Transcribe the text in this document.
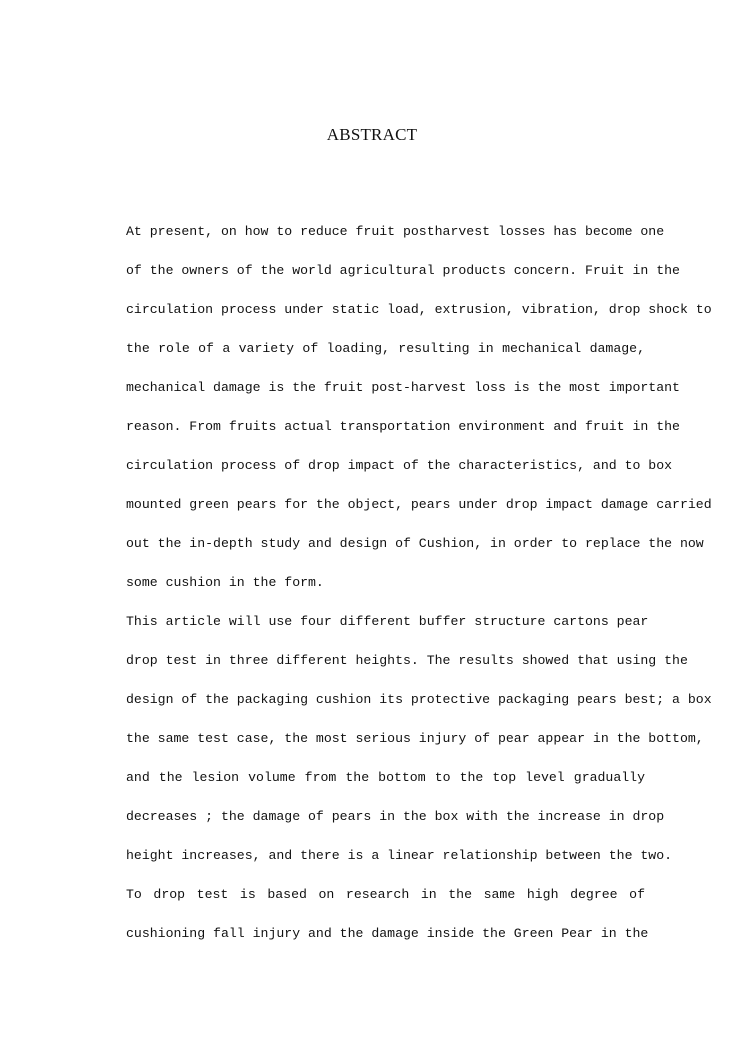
ABSTRACT
At present, on how to reduce fruit postharvest losses has become one
of the owners of the world agricultural products concern. Fruit in the
circulation process under static load, extrusion, vibration, drop shock to
the role of a variety of loading, resulting in mechanical damage,
mechanical damage is the fruit post-harvest loss is the most important
reason. From fruits actual transportation environment and fruit in the
circulation process of drop impact of the characteristics, and to box
mounted green pears for the object, pears under drop impact damage carried
out the in-depth study and design of Cushion, in order to replace the now
some cushion in the form.
This article will use four different buffer structure cartons pear
drop test in three different heights. The results showed that using the
design of the packaging cushion its protective packaging pears best; a box
the same test case, the most serious injury of pear appear in the bottom,
and the lesion volume from the bottom to the top level gradually
decreases ; the damage of pears in the box with the increase in drop
height increases, and there is a linear relationship between the two.
To drop test is based on research in the same high degree of
cushioning fall injury and the damage inside the Green Pear in the
